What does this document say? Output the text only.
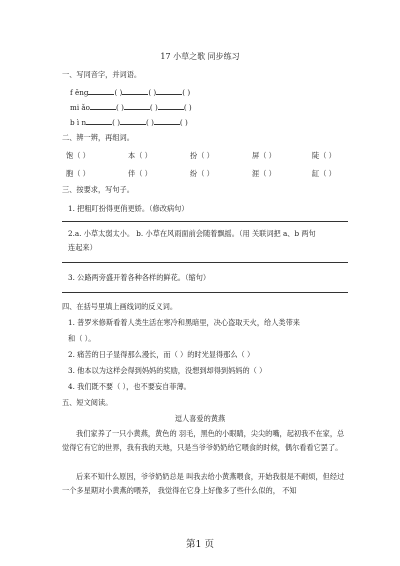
17 小草之歌 同步练习
一、写同音字，并词语。
f ěng	( )	( )	( )
mi ǎo	( )	( )	( )
b ì n	( )	( )	( )
二、辨一辨，再组词。
饱（ ）	本（ ）	扮（ ）	屏（ ）	陡（ ）
胞（ ）	伴（ ）	纷（ ）	涯（ ）	缸（ ）
三、按要求，写句子。
1. 把粗叮扮得更俏更娇。（修改病句）
2.a. 小草太弱太小。 b. 小草在风雨面前会随着飘摇。（用 关联词把 a、b 两句
连起来）
3. 公路两旁盛开着各种各样的鲜花。（缩句）
四、在括号里填上画线词的反义词。
1. 普罗米修斯看着人类生活在寒冷和黑暗里，决心盗取天火，给人类带来
和（ ）。
2. 痛苦的日子显得那么漫长，而（ ）的时光显得那么（ ）
3. 他本以为这样会得到妈妈的奖励，没想到却得到妈妈的（ ）
4. 我们既不要（ ），也不要妄自菲薄。
五、短文阅读。
逗人喜爱的黄燕
我们家养了一只小黄燕，黄色的 羽毛，黑色的小眼睛，尖尖的嘴，起初我不在家，总觉得它有它的世界，我有我的天地，只是当爷爷奶奶给它喂食的时候，偶尔看看它罢了。
后来不知什么原因，爷爷奶奶总是 叫我去给小黄燕喂食，开始我很是不耐烦，但经过一个多星期对小黄燕的喂养， 我觉得在它身上好像多了些什么似的， 不知
第1 页
